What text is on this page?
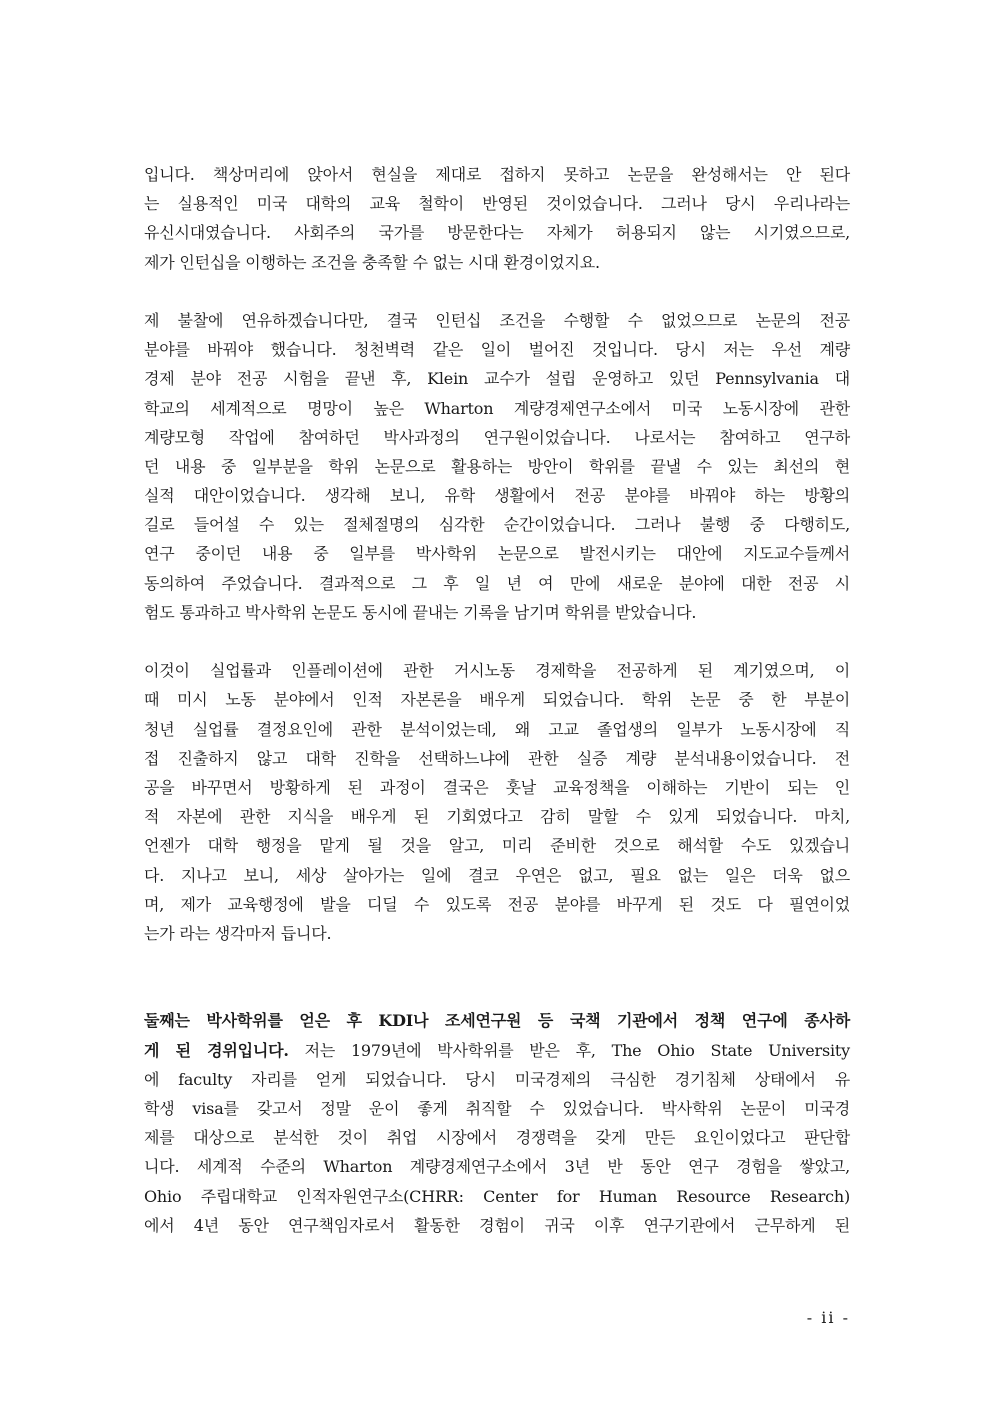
입니다. 책상머리에 앉아서 현실을 제대로 접하지 못하고 논문을 완성해서는 안 된다
는 실용적인 미국 대학의 교육 철학이 반영된 것이었습니다. 그러나 당시 우리나라는
유신시대였습니다. 사회주의 국가를 방문한다는 자체가 허용되지 않는 시기였으므로,
제가 인턴십을 이행하는 조건을 충족할 수 없는 시대 환경이었지요.
제 불찰에 연유하겠습니다만, 결국 인턴십 조건을 수행할 수 없었으므로 논문의 전공
분야를 바꿔야 했습니다. 청천벽력 같은 일이 벌어진 것입니다. 당시 저는 우선 계량
경제 분야 전공 시험을 끝낸 후, Klein 교수가 설립 운영하고 있던 Pennsylvania 대
학교의 세계적으로 명망이 높은 Wharton 계량경제연구소에서 미국 노동시장에 관한
계량모형 작업에 참여하던 박사과정의 연구원이었습니다. 나로서는 참여하고 연구하
던 내용 중 일부분을 학위 논문으로 활용하는 방안이 학위를 끝낼 수 있는 최선의 현
실적 대안이었습니다. 생각해 보니, 유학 생활에서 전공 분야를 바꿔야 하는 방황의
길로 들어설 수 있는 절체절명의 심각한 순간이었습니다. 그러나 불행 중 다행히도,
연구 중이던 내용 중 일부를 박사학위 논문으로 발전시키는 대안에 지도교수들께서
동의하여 주었습니다. 결과적으로 그 후 일 년 여 만에 새로운 분야에 대한 전공 시
험도 통과하고 박사학위 논문도 동시에 끝내는 기록을 남기며 학위를 받았습니다.
이것이 실업률과 인플레이션에 관한 거시노동 경제학을 전공하게 된 계기였으며, 이
때 미시 노동 분야에서 인적 자본론을 배우게 되었습니다. 학위 논문 중 한 부분이
청년 실업률 결정요인에 관한 분석이었는데, 왜 고교 졸업생의 일부가 노동시장에 직
접 진출하지 않고 대학 진학을 선택하느냐에 관한 실증 계량 분석내용이었습니다. 전
공을 바꾸면서 방황하게 된 과정이 결국은 훗날 교육정책을 이해하는 기반이 되는 인
적 자본에 관한 지식을 배우게 된 기회였다고 감히 말할 수 있게 되었습니다. 마치,
언젠가 대학 행정을 맡게 될 것을 알고, 미리 준비한 것으로 해석할 수도 있겠습니
다. 지나고 보니, 세상 살아가는 일에 결코 우연은 없고, 필요 없는 일은 더욱 없으
며, 제가 교육행정에 발을 디딜 수 있도록 전공 분야를 바꾸게 된 것도 다 필연이었
는가 라는 생각마저 듭니다.
둘째는 박사학위를 얻은 후 KDI나 조세연구원 등 국책 기관에서 정책 연구에 종사하
게 된 경위입니다. 저는 1979년에 박사학위를 받은 후, The Ohio State University
에 faculty 자리를 얻게 되었습니다. 당시 미국경제의 극심한 경기침체 상태에서 유
학생 visa를 갖고서 정말 운이 좋게 취직할 수 있었습니다. 박사학위 논문이 미국경
제를 대상으로 분석한 것이 취업 시장에서 경쟁력을 갖게 만든 요인이었다고 판단합
니다. 세계적 수준의 Wharton 계량경제연구소에서 3년 반 동안 연구 경험을 쌓았고,
Ohio 주립대학교 인적자원연구소(CHRR: Center for Human Resource Research)
에서 4년 동안 연구책임자로서 활동한 경험이 귀국 이후 연구기관에서 근무하게 된
- ii -
